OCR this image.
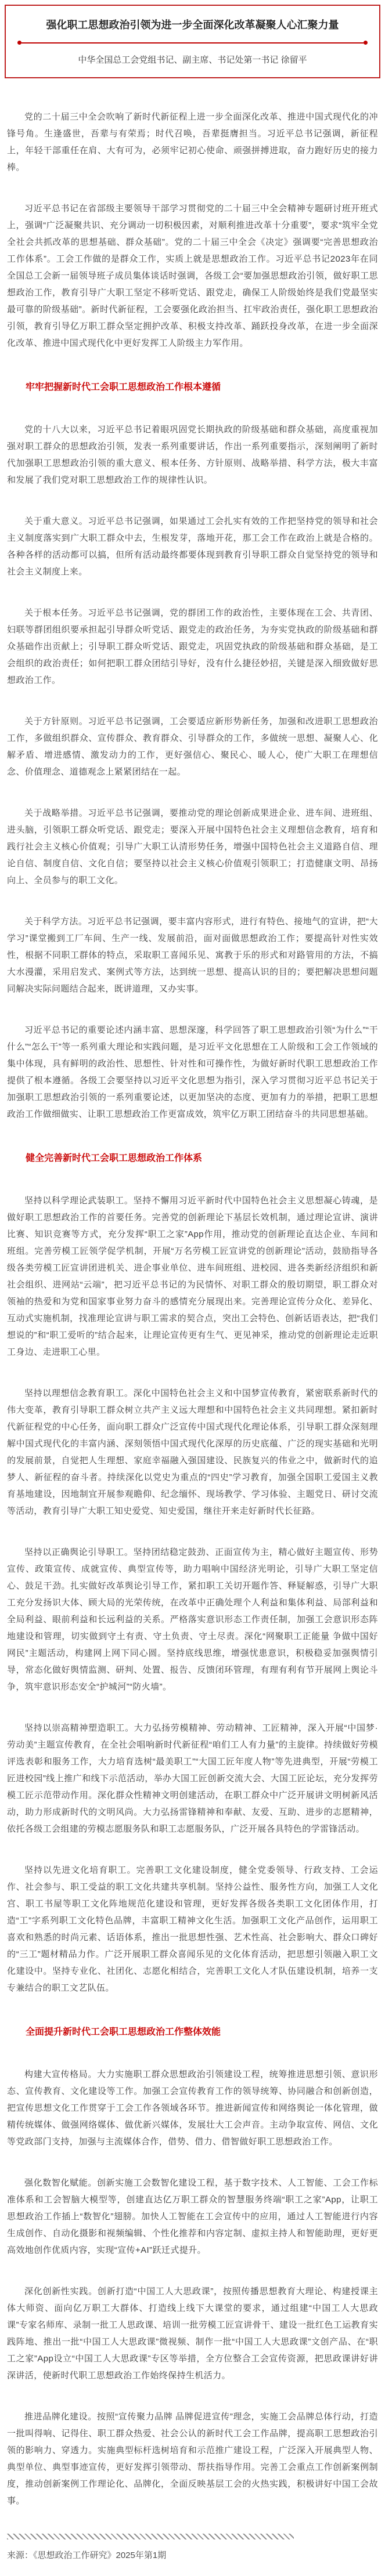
强化职工思想政治引领为进一步全面深化改革凝聚人心汇聚力量

中华全国总工会党组书记、副主席、书记处第一书记 徐留平

党的二十届三中全会吹响了新时代新征程上进一步全面深化改革、推进中国式现代化的冲锋号角。生逢盛世，吾辈与有荣焉；时代召唤，吾辈挺膺担当。习近平总书记强调，新征程上，年轻干部重任在肩、大有可为，必须牢记初心使命、顽强拼搏进取，奋力跑好历史的接力棒。

习近平总书记在省部级主要领导干部学习贯彻党的二十届三中全会精神专题研讨班开班式上，强调“广泛凝聚共识、充分调动一切积极因素，对顺利推进改革十分重要”，要求“筑牢全党全社会共抓改革的思想基础、群众基础”。党的二十届三中全会《决定》强调要“完善思想政治工作体系”。工会工作做的是群众工作，实质上就是思想政治工作。习近平总书记2023年在同全国总工会新一届领导班子成员集体谈话时强调，各级工会“要加强思想政治引领，做好职工思想政治工作，教育引导广大职工坚定不移听党话、跟党走，确保工人阶级始终是我们党最坚实最可靠的阶级基础”。新时代新征程，工会要强化政治担当、扛牢政治责任，强化职工思想政治引领，教育引导亿万职工群众坚定拥护改革、积极支持改革、踊跃投身改革，在进一步全面深化改革、推进中国式现代化中更好发挥工人阶级主力军作用。

牢牢把握新时代工会职工思想政治工作根本遵循

党的十八大以来，习近平总书记着眼巩固党长期执政的阶级基础和群众基础，高度重视加强对职工群众的思想政治引领，发表一系列重要讲话，作出一系列重要指示，深刻阐明了新时代加强职工思想政治引领的重大意义、根本任务、方针原则、战略举措、科学方法，极大丰富和发展了我们党对职工思想政治工作的规律性认识。

关于重大意义。习近平总书记强调，如果通过工会扎实有效的工作把坚持党的领导和社会主义制度落实到广大职工群众中去，生根发芽，落地开花，那工会工作在政治上就是合格的。各种各样的活动都可以搞，但所有活动最终都要体现到教育引导职工群众自觉坚持党的领导和社会主义制度上来。

关于根本任务。习近平总书记强调，党的群团工作的政治性，主要体现在工会、共青团、妇联等群团组织要承担起引导群众听党话、跟党走的政治任务，为夯实党执政的阶级基础和群众基础作出贡献上；引导职工群众听党话、跟党走，巩固党执政的阶级基础和群众基础，是工会组织的政治责任；如何把职工群众团结引导好，没有什么捷径妙招，关键是深入细致做好思想政治工作。

关于方针原则。习近平总书记强调，工会要适应新形势新任务，加强和改进职工思想政治工作，多做组织群众、宣传群众、教育群众、引导群众的工作，多做统一思想、凝聚人心、化解矛盾、增进感情、激发动力的工作，更好强信心、聚民心、暖人心，使广大职工在理想信念、价值理念、道德观念上紧紧团结在一起。

关于战略举措。习近平总书记强调，要推动党的理论创新成果进企业、进车间、进班组、进头脑，引领职工群众听党话、跟党走；要深入开展中国特色社会主义理想信念教育，培育和践行社会主义核心价值观；引导广大职工认清形势任务，增强中国特色社会主义道路自信、理论自信、制度自信、文化自信；要坚持以社会主义核心价值观引领职工；打造健康文明、昂扬向上、全员参与的职工文化。

关于科学方法。习近平总书记强调，要丰富内容形式，进行有特色、接地气的宣讲，把“大学习”课堂搬到工厂车间、生产一线、发展前沿，面对面做思想政治工作；要提高针对性实效性，根据不同职工群体的特点，采取职工喜闻乐见、寓教于乐的形式和对路管用的方法，不搞大水漫灌，采用启发式、案例式等方法，达到统一思想、提高认识的目的；要把解决思想问题同解决实际问题结合起来，既讲道理，又办实事。

习近平总书记的重要论述内涵丰富、思想深邃，科学回答了职工思想政治引领“为什么”“干什么”“怎么干”等一系列重大理论和实践问题，是习近平文化思想在工人阶级和工会工作领域的集中体现，具有鲜明的政治性、思想性、针对性和可操作性，为做好新时代职工思想政治工作提供了根本遵循。各级工会要坚持以习近平文化思想为指引，深入学习贯彻习近平总书记关于加强职工思想政治引领的一系列重要论述，以更加坚决的态度、更加有力的举措，把职工思想政治工作做细做实、让职工思想政治工作更富成效，筑牢亿万职工团结奋斗的共同思想基础。

健全完善新时代工会职工思想政治工作体系

坚持以科学理论武装职工。坚持不懈用习近平新时代中国特色社会主义思想凝心铸魂，是做好职工思想政治工作的首要任务。完善党的创新理论下基层长效机制，通过理论宣讲、演讲比赛、知识竞赛等方式，充分发挥“职工之家”App作用，推动党的创新理论直达企业、车间和班组。完善劳模工匠领学促学机制，开展“万名劳模工匠宣讲党的创新理论”活动，鼓励指导各级各类劳模工匠宣讲团进机关、进企事业单位、进车间班组、进校园、进各类新经济组织和新社会组织、进网站“云端”，把习近平总书记的为民情怀、对职工群众的殷切期望，职工群众对领袖的热爱和为党和国家事业努力奋斗的感情充分展现出来。完善理论宣传分众化、差异化、互动式实施机制，找准理论宣讲与职工需求的契合点，突出工会特色、创新话语表达，把“我们想说的”和“职工爱听的”结合起来，让理论宣传更有生气、更见神采，推动党的创新理论走近职工身边、走进职工心里。

坚持以理想信念教育职工。深化中国特色社会主义和中国梦宣传教育，紧密联系新时代的伟大变革，教育引导职工群众树立共产主义远大理想和中国特色社会主义共同理想。紧扣新时代新征程党的中心任务，面向职工群众广泛宣传中国式现代化理论体系，引导职工群众深刻理解中国式现代化的丰富内涵、深刻领悟中国式现代化深厚的历史底蕴、广泛的现实基础和光明的发展前景，自觉把人生理想、家庭幸福融入强国建设、民族复兴的伟业之中，做新时代的追梦人、新征程的奋斗者。持续深化以党史为重点的“四史”学习教育，加强全国职工爱国主义教育基地建设，因地制宜开展参观瞻仰、纪念缅怀、现场教学、学习体验、主题党日、研讨交流等活动，教育引导广大职工知史爱党、知史爱国，继往开来走好新时代长征路。

坚持以正确舆论引导职工。坚持团结稳定鼓劲、正面宣传为主，精心做好主题宣传、形势宣传、政策宣传、成就宣传、典型宣传等，助力唱响中国经济光明论，引导广大职工坚定信心、鼓足干劲。扎实做好改革舆论引导工作，紧扣职工关切开题作答、释疑解惑，引导广大职工充分发扬识大体、顾大局的光荣传统，在改革中正确处理个人利益和集体利益、局部利益和全局利益、眼前利益和长远利益的关系。严格落实意识形态工作责任制，加强工会意识形态阵地建设和管理，切实做到守土有责、守土负责、守土尽责。深化“网聚职工正能量 争做中国好网民”主题活动，构建网上网下同心圆。坚持底线思维，增强忧患意识，积极稳妥加强舆情引导，常态化做好舆情监测、研判、处置、报告、反馈闭环管理，有理有利有节开展网上舆论斗争，筑牢意识形态安全“护城河”“防火墙”。

坚持以崇高精神塑造职工。大力弘扬劳模精神、劳动精神、工匠精神，深入开展“中国梦·劳动美”主题宣传教育，在全社会唱响新时代新征程“咱们工人有力量”的主旋律。持续做好劳模评选表彰和服务工作，大力培育选树“最美职工”“大国工匠年度人物”等先进典型，开展“劳模工匠进校园”线上推广和线下示范活动，举办大国工匠创新交流大会、大国工匠论坛，充分发挥劳模工匠示范带动作用。深化群众性精神文明创建活动，在职工群众中广泛开展讲文明树新风活动，助力形成新时代的文明风尚。大力弘扬雷锋精神和奉献、友爱、互助、进步的志愿精神，依托各级工会组建的劳模志愿服务队和职工志愿服务队，广泛开展各具特色的学雷锋活动。

坚持以先进文化培育职工。完善职工文化建设制度，健全党委领导、行政支持、工会运作、社会参与、职工受益的职工文化共建共享机制。坚持公益性、服务性方向，加强工人文化宫、职工书屋等职工文化阵地规范化建设和管理，更好发挥各级各类职工文化团体作用，打造“工”字系列职工文化特色品牌，丰富职工精神文化生活。加强职工文化产品创作，运用职工喜欢和熟悉的时尚元素、话语体系，推出一批思想性强、艺术性高、社会影响大、群众口碑好的“三工”题材精品力作。广泛开展职工群众喜闻乐见的文化体育活动，把思想引领融入职工文化建设中。坚持专业化、社团化、志愿化相结合，完善职工文化人才队伍建设机制，培养一支专兼结合的职工文艺队伍。

全面提升新时代工会职工思想政治工作整体效能

构建大宣传格局。大力实施职工群众思想政治引领建设工程，统筹推进思想引领、意识形态、宣传教育、文化建设等工作。加强工会宣传教育工作的领导统筹、协同融合和创新创造，把宣传思想文化工作贯穿于工会工作各领域各环节。推进新闻宣传和网络舆论一体化管理，做精传统媒体、做强网络媒体、做优新兴媒体，发展壮大工会声音。主动争取宣传、网信、文化等党政部门支持，加强与主流媒体合作，借势、借力、借智做好职工思想政治工作。

强化数智化赋能。创新实施工会数智化建设工程，基于数字技术、人工智能、工会工作标准体系和工会智脑大模型等，创建直达亿万职工群众的智慧服务终端“职工之家”App，让职工思想政治工作插上“数智化”翅膀。加快人工智能在工会宣传中的应用，通过人工智能进行内容生成创作、自动化摄影和视频编辑、个性化推荐和内容定制、虚拟主持人和智能助理，更好更高效地创作优质内容，实现“宣传+AI”跃迁式提升。

深化创新性实践。创新打造“中国工人大思政课”，按照传播思想教育大理论、构建授课主体大师资、面向亿万职工大群体、打造线上线下大课堂的要求，通过组建“中国工人大思政课”专家名师库、录制一批工人思政课、培训一批劳模工匠宣讲骨干、建设一批红色工运教育实践阵地、推出一批“中国工人大思政课”微视频、制作一批“中国工人大思政课”文创产品、在“职工之家”App设立“中国工人大思政课”专区等举措，全方位整合工会宣传资源，把思政课讲好讲深讲活，使新时代职工思想政治工作始终保持生机活力。

推进品牌化建设。按照“宣传聚力品牌 品牌促进宣传”理念，实施工会品牌总体行动，打造一批叫得响、记得住、职工群众热爱、社会公认的新时代工会工作品牌，提高职工思想政治引领的影响力、穿透力。实施典型标杆选树培育和示范推广建设工程，广泛深入开展典型人物、典型单位、典型事迹宣传，更好发挥引领带动、帮扶指导作用。完善工会重点工作创新案例制度，推动创新案例工作理论化、品牌化，全面反映基层工会的火热实践，积极讲好中国工会故事。

来源：《思想政治工作研究》2025年第1期
